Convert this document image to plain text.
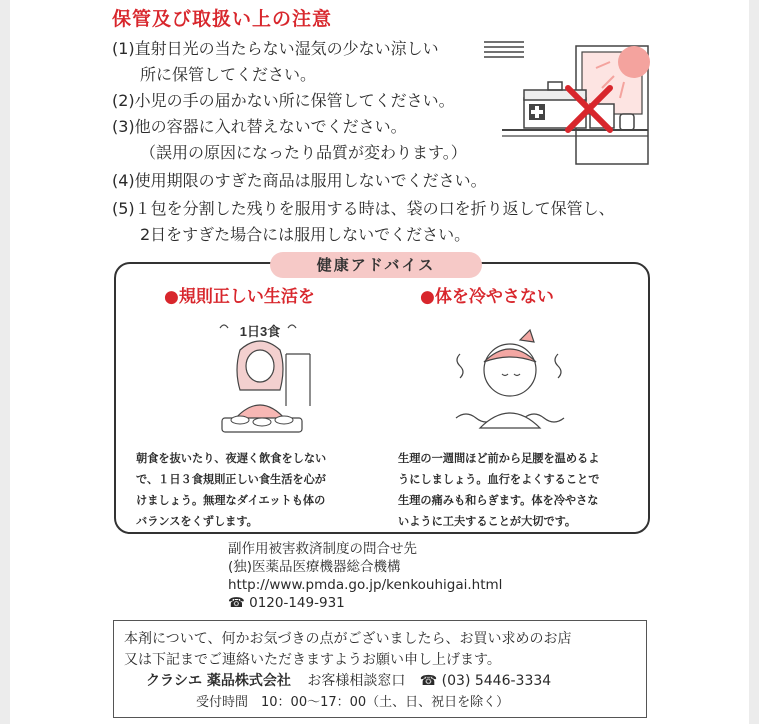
保管及び取扱い上の注意
(1)直射日光の当たらない湿気の少ない涼しい
所に保管してください。
(2)小児の手の届かない所に保管してください。
(3)他の容器に入れ替えないでください。
（誤用の原因になったり品質が変わります。）
(4)使用期限のすぎた商品は服用しないでください。
(5)１包を分割した残りを服用する時は、袋の口を折り返して保管し、
2日をすぎた場合には服用しないでください。
健康アドバイス
●規則正しい生活を	●体を冷やさない
1日3食
朝食を抜いたり、夜遅く飲食をしない
で、１日３食規則正しい食生活を心が
けましょう。無理なダイエットも体の
バランスをくずします。
生理の一週間ほど前から足腰を温めるよ
うにしましょう。血行をよくすることで
生理の痛みも和らぎます。体を冷やさな
いように工夫することが大切です。
副作用被害救済制度の問合せ先
(独)医薬品医療機器総合機構
http://www.pmda.go.jp/kenkouhigai.html
☎ 0120-149-931
本剤について、何かお気づきの点がございましたら、お買い求めのお店
又は下記までご連絡いただきますようお願い申し上げます。
クラシエ 薬品株式会社 お客様相談窓口 ☎ (03) 5446-3334
受付時間　10：00〜17：00（土、日、祝日を除く）
